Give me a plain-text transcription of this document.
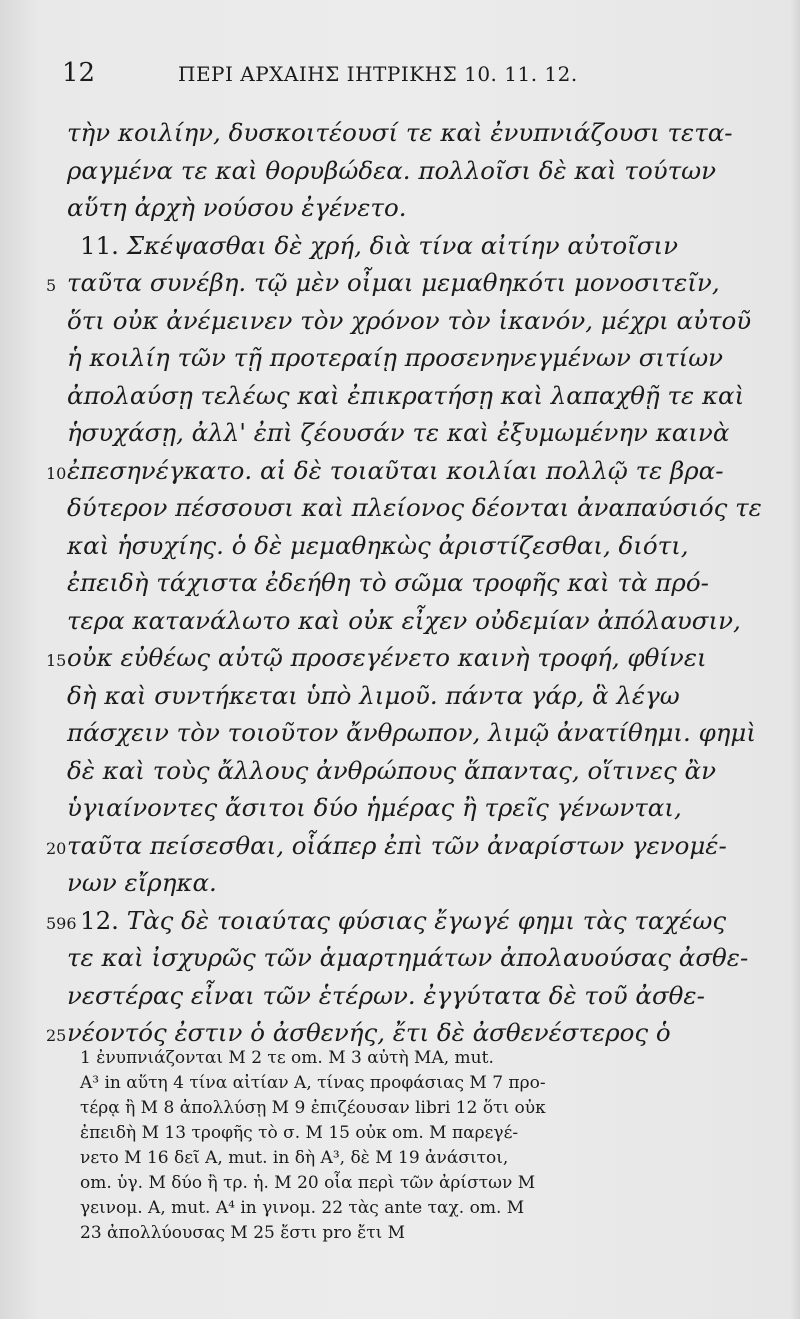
12	ΠΕΡΙ ΑΡΧΑΙΗΣ ΙΗΤΡΙΚΗΣ 10. 11. 12.
τὴν κοιλίην, δυσκοιτέουσί τε καὶ ἐνυπνιάζουσι τετα-
ραγμένα τε καὶ θορυβώδεα. πολλοῖσι δὲ καὶ τούτων
αὕτη ἀρχὴ νούσου ἐγένετο.
11. Σκέψασθαι δὲ χρή, διὰ τίνα αἰτίην αὐτοῖσιν
5 ταῦτα συνέβη. τῷ μὲν οἶμαι μεμαθηκότι μονοσιτεῖν,
ὅτι οὐκ ἀνέμεινεν τὸν χρόνον τὸν ἱκανόν, μέχρι αὐτοῦ
ἡ κοιλίη τῶν τῇ προτεραίῃ προσενηνεγμένων σιτίων
ἀπολαύσῃ τελέως καὶ ἐπικρατήσῃ καὶ λαπαχθῇ τε καὶ
ἡσυχάσῃ, ἀλλ' ἐπὶ ζέουσάν τε καὶ ἐξυμωμένην καινὰ
10 ἐπεσηνέγκατο. αἱ δὲ τοιαῦται κοιλίαι πολλῷ τε βρα-
δύτερον πέσσουσι καὶ πλείονος δέονται ἀναπαύσιός τε
καὶ ἡσυχίης. ὁ δὲ μεμαθηκὼς ἀριστίζεσθαι, διότι,
ἐπειδὴ τάχιστα ἐδεήθη τὸ σῶμα τροφῆς καὶ τὰ πρό-
τερα κατανάλωτο καὶ οὐκ εἶχεν οὐδεμίαν ἀπόλαυσιν,
15 οὐκ εὐθέως αὐτῷ προσεγένετο καινὴ τροφή, φθίνει
δὴ καὶ συντήκεται ὑπὸ λιμοῦ. πάντα γάρ, ἃ λέγω
πάσχειν τὸν τοιοῦτον ἄνθρωπον, λιμῷ ἀνατίθημι. φημὶ
δὲ καὶ τοὺς ἄλλους ἀνθρώπους ἅπαντας, οἵτινες ἂν
ὑγιαίνοντες ἄσιτοι δύο ἡμέρας ἢ τρεῖς γένωνται,
20 ταῦτα πείσεσθαι, οἷάπερ ἐπὶ τῶν ἀναρίστων γενομέ-
νων εἴρηκα.
596 12. Τὰς δὲ τοιαύτας φύσιας ἔγωγέ φημι τὰς ταχέως
τε καὶ ἰσχυρῶς τῶν ἁμαρτημάτων ἀπολαυούσας ἀσθε-
νεστέρας εἶναι τῶν ἑτέρων. ἐγγύτατα δὲ τοῦ ἀσθε-
25 νέοντός ἐστιν ὁ ἀσθενής, ἔτι δὲ ἀσθενέστερος ὁ
1 ἐνυπνιάζονται M 2 τε om. M 3 αὐτὴ MA, mut.
A³ in αὕτη 4 τίνα αἰτίαν A, τίνας προφάσιας M 7 προ-
τέρᾳ ἢ M 8 ἀπολλύσῃ M 9 ἐπιζέουσαν libri 12 ὅτι οὐκ
ἐπειδὴ M 13 τροφῆς τὸ σ. M 15 οὐκ om. M παρεγέ-
νετο M 16 δεῖ A, mut. in δὴ A³, δὲ M 19 ἀνάσιτοι,
om. ὑγ. M δύο ἢ τρ. ἡ. M 20 οἷα περὶ τῶν ἀρίστων M
γεινομ. A, mut. A⁴ in γινομ. 22 τὰς ante ταχ. om. M
23 ἀπολλύουσας M 25 ἔστι pro ἔτι M
